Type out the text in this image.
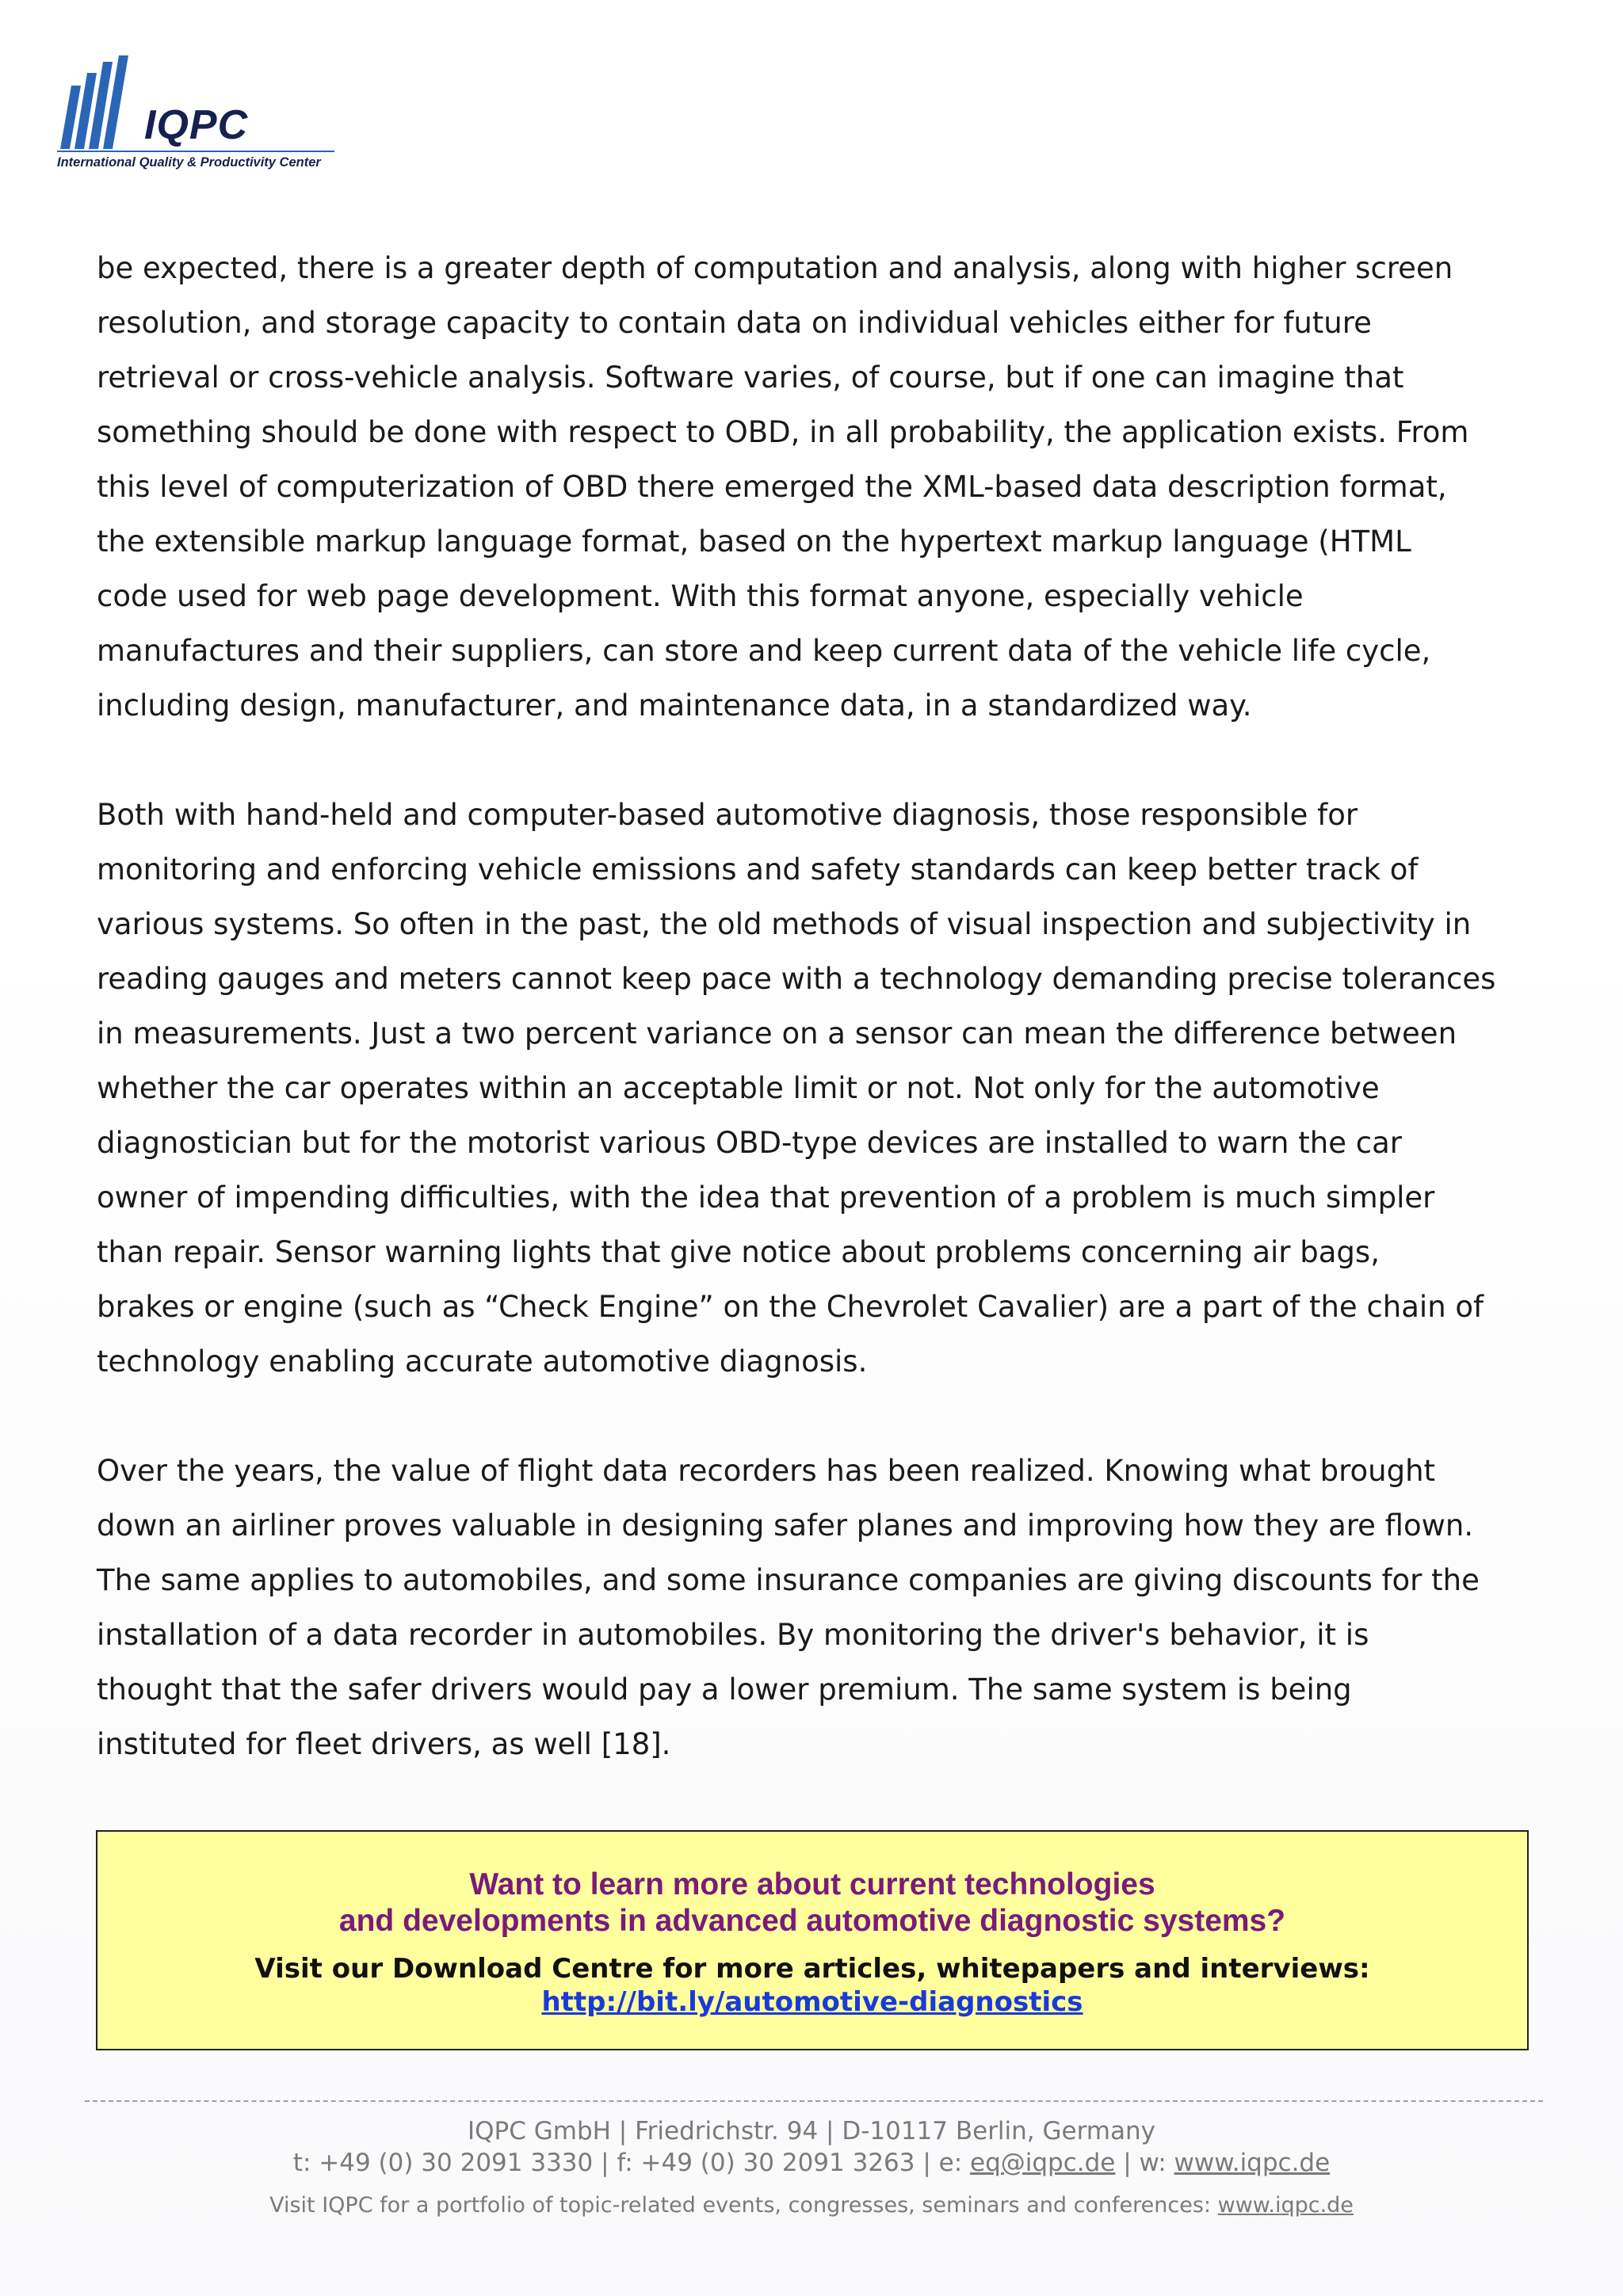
IQPC
International Quality & Productivity Center

be expected, there is a greater depth of computation and analysis, along with higher screen
resolution, and storage capacity to contain data on individual vehicles either for future
retrieval or cross-vehicle analysis. Software varies, of course, but if one can imagine that
something should be done with respect to OBD, in all probability, the application exists. From
this level of computerization of OBD there emerged the XML-based data description format,
the extensible markup language format, based on the hypertext markup language (HTML
code used for web page development. With this format anyone, especially vehicle
manufactures and their suppliers, can store and keep current data of the vehicle life cycle,
including design, manufacturer, and maintenance data, in a standardized way.

Both with hand-held and computer-based automotive diagnosis, those responsible for
monitoring and enforcing vehicle emissions and safety standards can keep better track of
various systems. So often in the past, the old methods of visual inspection and subjectivity in
reading gauges and meters cannot keep pace with a technology demanding precise tolerances
in measurements. Just a two percent variance on a sensor can mean the difference between
whether the car operates within an acceptable limit or not. Not only for the automotive
diagnostician but for the motorist various OBD-type devices are installed to warn the car
owner of impending difficulties, with the idea that prevention of a problem is much simpler
than repair. Sensor warning lights that give notice about problems concerning air bags,
brakes or engine (such as “Check Engine” on the Chevrolet Cavalier) are a part of the chain of
technology enabling accurate automotive diagnosis.

Over the years, the value of flight data recorders has been realized. Knowing what brought
down an airliner proves valuable in designing safer planes and improving how they are flown.
The same applies to automobiles, and some insurance companies are giving discounts for the
installation of a data recorder in automobiles. By monitoring the driver's behavior, it is
thought that the safer drivers would pay a lower premium. The same system is being
instituted for fleet drivers, as well [18].

Want to learn more about current technologies
and developments in advanced automotive diagnostic systems?
Visit our Download Centre for more articles, whitepapers and interviews:
http://bit.ly/automotive-diagnostics
IQPC GmbH | Friedrichstr. 94 | D-10117 Berlin, Germany
t: +49 (0) 30 2091 3330 | f: +49 (0) 30 2091 3263 | e: eq@iqpc.de | w: www.iqpc.de
Visit IQPC for a portfolio of topic-related events, congresses, seminars and conferences: www.iqpc.de
